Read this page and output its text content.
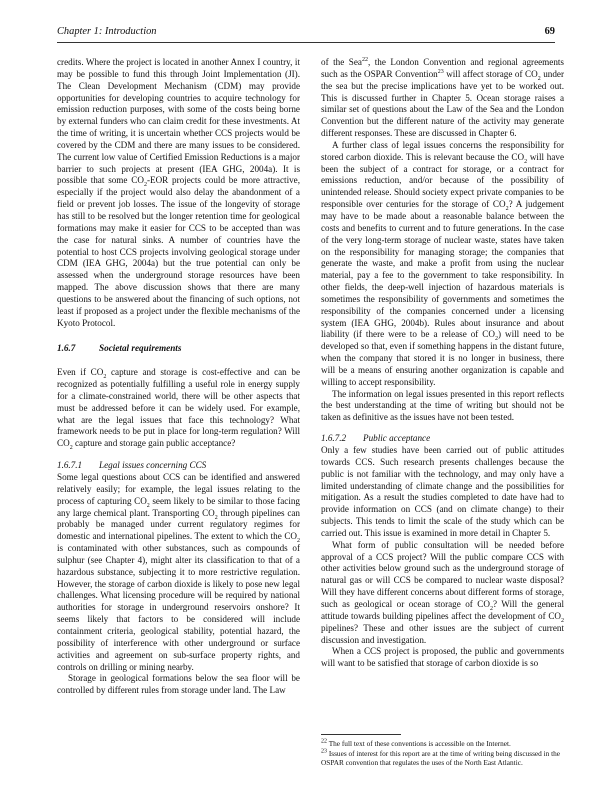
Chapter 1: Introduction	69

credits. Where the project is located in another Annex I country, it may be possible to fund this through Joint Implementation (JI). The Clean Development Mechanism (CDM) may provide opportunities for developing countries to acquire technology for emission reduction purposes, with some of the costs being borne by external funders who can claim credit for these investments. At the time of writing, it is uncertain whether CCS projects would be covered by the CDM and there are many issues to be considered. The current low value of Certified Emission Reductions is a major barrier to such projects at present (IEA GHG, 2004a). It is possible that some $CO_2$-EOR projects could be more attractive, especially if the project would also delay the abandonment of a field or prevent job losses. The issue of the longevity of storage has still to be resolved but the longer retention time for geological formations may make it easier for CCS to be accepted than was the case for natural sinks. A number of countries have the potential to host CCS projects involving geological storage under CDM (IEA GHG, 2004a) but the true potential can only be assessed when the underground storage resources have been mapped. The above discussion shows that there are many questions to be answered about the financing of such options, not least if proposed as a project under the flexible mechanisms of the Kyoto Protocol.

1.6.7	Societal requirements

Even if $CO_2$ capture and storage is cost-effective and can be recognized as potentially fulfilling a useful role in energy supply for a climate-constrained world, there will be other aspects that must be addressed before it can be widely used. For example, what are the legal issues that face this technology? What framework needs to be put in place for long-term regulation? Will $CO_2$ capture and storage gain public acceptance?

1.6.7.1 Legal issues concerning CCS

Some legal questions about CCS can be identified and answered relatively easily; for example, the legal issues relating to the process of capturing $CO_2$ seem likely to be similar to those facing any large chemical plant. Transporting $CO_2$ through pipelines can probably be managed under current regulatory regimes for domestic and international pipelines. The extent to which the $CO_2$ is contaminated with other substances, such as compounds of sulphur (see Chapter 4), might alter its classification to that of a hazardous substance, subjecting it to more restrictive regulation. However, the storage of carbon dioxide is likely to pose new legal challenges. What licensing procedure will be required by national authorities for storage in underground reservoirs onshore? It seems likely that factors to be considered will include containment criteria, geological stability, potential hazard, the possibility of interference with other underground or surface activities and agreement on sub-surface property rights, and controls on drilling or mining nearby.

Storage in geological formations below the sea floor will be controlled by different rules from storage under land. The Law

of the Sea$^{22}$, the London Convention and regional agreements such as the OSPAR Convention$^{23}$ will affect storage of $CO_2$ under the sea but the precise implications have yet to be worked out. This is discussed further in Chapter 5. Ocean storage raises a similar set of questions about the Law of the Sea and the London Convention but the different nature of the activity may generate different responses. These are discussed in Chapter 6.

A further class of legal issues concerns the responsibility for stored carbon dioxide. This is relevant because the $CO_2$ will have been the subject of a contract for storage, or a contract for emissions reduction, and/or because of the possibility of unintended release. Should society expect private companies to be responsible over centuries for the storage of $CO_2$? A judgement may have to be made about a reasonable balance between the costs and benefits to current and to future generations. In the case of the very long-term storage of nuclear waste, states have taken on the responsibility for managing storage; the companies that generate the waste, and make a profit from using the nuclear material, pay a fee to the government to take responsibility. In other fields, the deep-well injection of hazardous materials is sometimes the responsibility of governments and sometimes the responsibility of the companies concerned under a licensing system (IEA GHG, 2004b). Rules about insurance and about liability (if there were to be a release of $CO_2$) will need to be developed so that, even if something happens in the distant future, when the company that stored it is no longer in business, there will be a means of ensuring another organization is capable and willing to accept responsibility.

The information on legal issues presented in this report reflects the best understanding at the time of writing but should not be taken as definitive as the issues have not been tested.

1.6.7.2 Public acceptance

Only a few studies have been carried out of public attitudes towards CCS. Such research presents challenges because the public is not familiar with the technology, and may only have a limited understanding of climate change and the possibilities for mitigation. As a result the studies completed to date have had to provide information on CCS (and on climate change) to their subjects. This tends to limit the scale of the study which can be carried out. This issue is examined in more detail in Chapter 5.

What form of public consultation will be needed before approval of a CCS project? Will the public compare CCS with other activities below ground such as the underground storage of natural gas or will CCS be compared to nuclear waste disposal? Will they have different concerns about different forms of storage, such as geological or ocean storage of $CO_2$? Will the general attitude towards building pipelines affect the development of $CO_2$ pipelines? These and other issues are the subject of current discussion and investigation.

When a CCS project is proposed, the public and governments will want to be satisfied that storage of carbon dioxide is so

$^{22}$ The full text of these conventions is accessible on the Internet.

$^{23}$ Issues of interest for this report are at the time of writing being discussed in the OSPAR convention that regulates the uses of the North East Atlantic.
